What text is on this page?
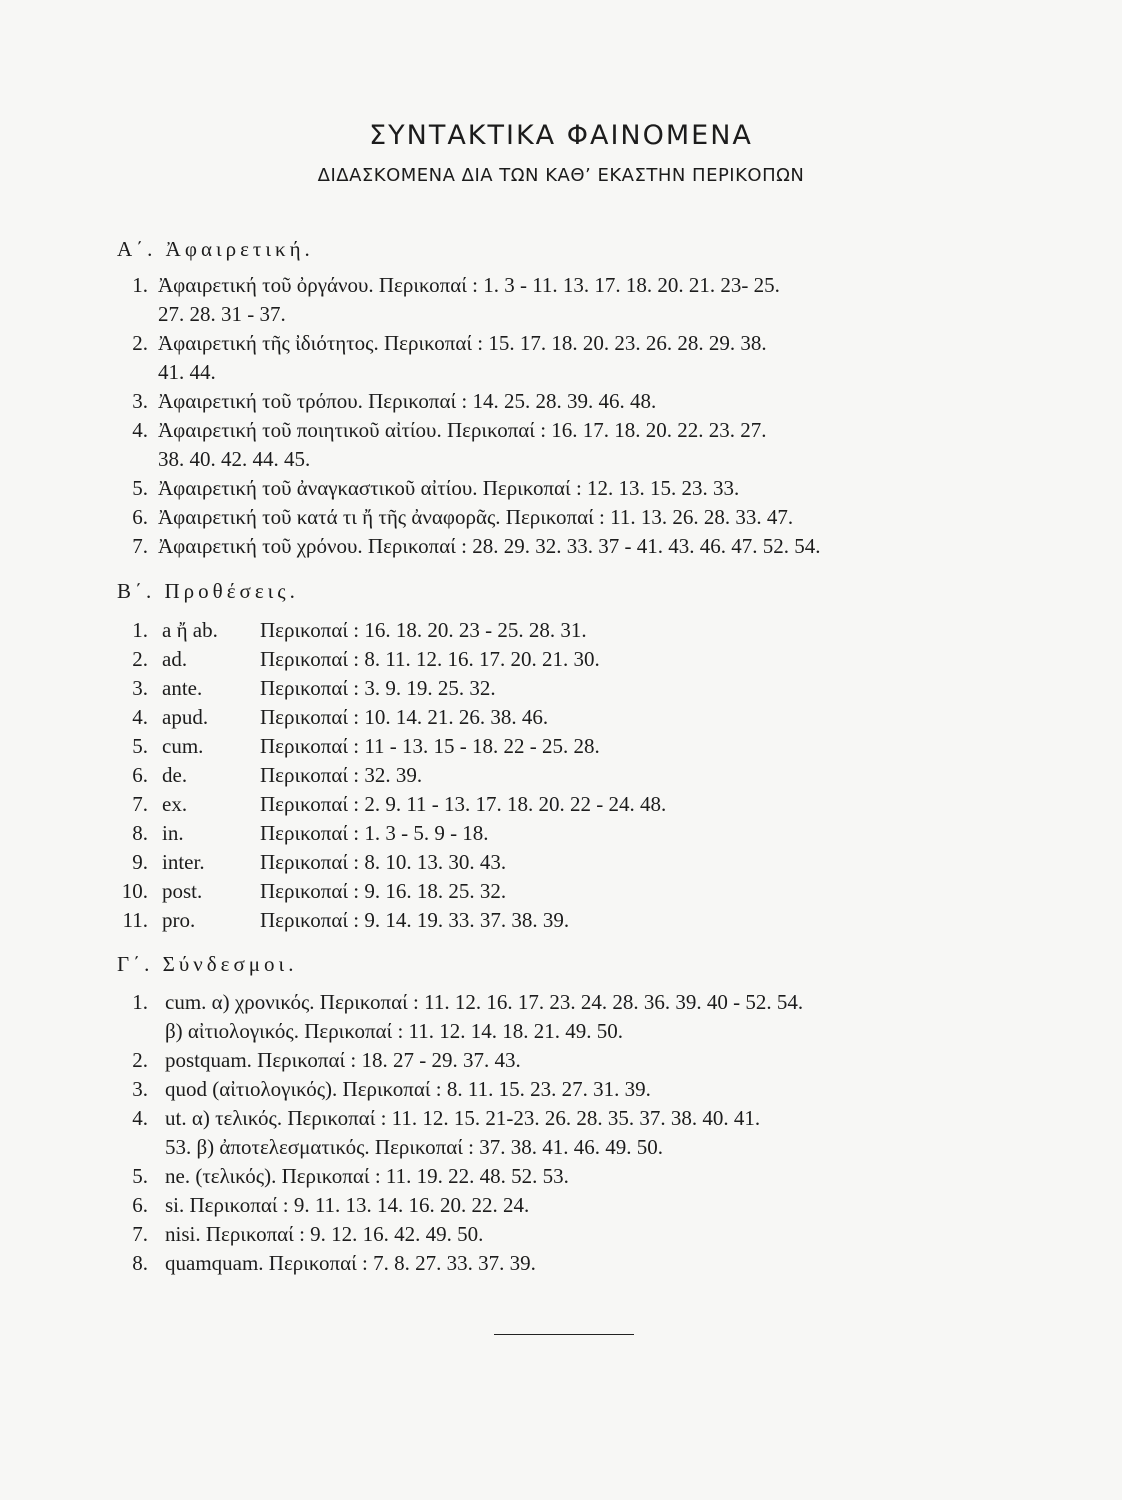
ΣΥΝΤΑΚΤΙΚΑ ΦΑΙΝΟΜΕΝΑ
ΔΙΔΑΣΚΟΜΕΝΑ ΔΙΑ ΤΩΝ ΚΑΘ’ ΕΚΑΣΤΗΝ ΠΕΡΙΚΟΠΩΝ
Α΄. Ἀφαιρετική.
1. Ἀφαιρετική τοῦ ὀργάνου. Περικοπαί : 1. 3 - 11. 13. 17. 18. 20. 21. 23- 25.
27. 28. 31 - 37.
2. Ἀφαιρετική τῆς ἰδιότητος. Περικοπαί : 15. 17. 18. 20. 23. 26. 28. 29. 38.
41. 44.
3. Ἀφαιρετική τοῦ τρόπου. Περικοπαί : 14. 25. 28. 39. 46. 48.
4. Ἀφαιρετική τοῦ ποιητικοῦ αἰτίου. Περικοπαί : 16. 17. 18. 20. 22. 23. 27.
38. 40. 42. 44. 45.
5. Ἀφαιρετική τοῦ ἀναγκαστικοῦ αἰτίου. Περικοπαί : 12. 13. 15. 23. 33.
6. Ἀφαιρετική τοῦ κατά τι ἤ τῆς ἀναφορᾶς. Περικοπαί : 11. 13. 26. 28. 33. 47.
7. Ἀφαιρετική τοῦ χρόνου. Περικοπαί : 28. 29. 32. 33. 37 - 41. 43. 46. 47. 52. 54.
Β΄. Προθέσεις.
1. a ἤ ab. Περικοπαί : 16. 18. 20. 23 - 25. 28. 31.
2. ad.	Περικοπαί : 8. 11. 12. 16. 17. 20. 21. 30.
3. ante.	Περικοπαί : 3. 9. 19. 25. 32.
4. apud. Περικοπαί : 10. 14. 21. 26. 38. 46.
5. cum.	Περικοπαί : 11 - 13. 15 - 18. 22 - 25. 28.
6. de.	Περικοπαί : 32. 39.
7. ex.	Περικοπαί : 2. 9. 11 - 13. 17. 18. 20. 22 - 24. 48.
8. in.	Περικοπαί : 1. 3 - 5. 9 - 18.
9. inter.	Περικοπαί : 8. 10. 13. 30. 43.
10. post.	Περικοπαί : 9. 16. 18. 25. 32.
11. pro.	Περικοπαί : 9. 14. 19. 33. 37. 38. 39.
Γ΄. Σύνδεσμοι.
1. cum. α) χρονικός. Περικοπαί : 11. 12. 16. 17. 23. 24. 28. 36. 39. 40 - 52. 54.
β) αἰτιολογικός. Περικοπαί : 11. 12. 14. 18. 21. 49. 50.
2. postquam. Περικοπαί : 18. 27 - 29. 37. 43.
3. quod (αἰτιολογικός). Περικοπαί : 8. 11. 15. 23. 27. 31. 39.
4. ut. α) τελικός. Περικοπαί : 11. 12. 15. 21-23. 26. 28. 35. 37. 38. 40. 41.
53. β) ἀποτελεσματικός. Περικοπαί : 37. 38. 41. 46. 49. 50.
5. ne. (τελικός). Περικοπαί : 11. 19. 22. 48. 52. 53.
6. si. Περικοπαί : 9. 11. 13. 14. 16. 20. 22. 24.
7. nisi. Περικοπαί : 9. 12. 16. 42. 49. 50.
8. quamquam. Περικοπαί : 7. 8. 27. 33. 37. 39.
